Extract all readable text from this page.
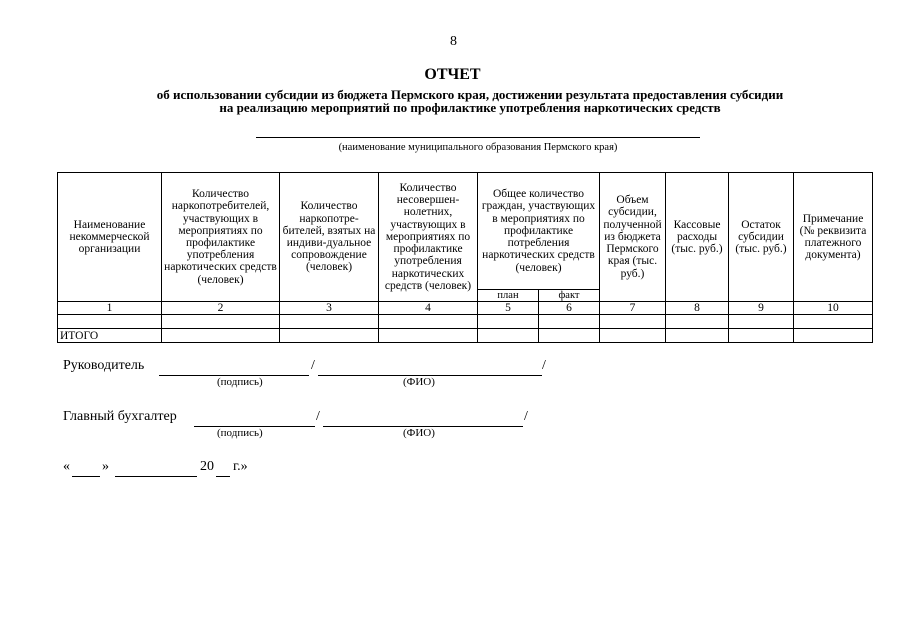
8
ОТЧЕТ
об использовании субсидии из бюджета Пермского края, достижении результата предоставления субсидии
на реализацию мероприятий по профилактике употребления наркотических средств
(наименование муниципального образования Пермского края)
Наименование некоммерческой организации	Количество наркопотребителей, участвующих в мероприятиях по профилактике употребления наркотических средств (человек)	Количество наркопотре-бителей, взятых на индиви-дуальное сопровождение (человек)	Количество несовершен-нолетних, участвующих в мероприятиях по профилактике употребления наркотических средств (человек)	Общее количество граждан, участвующих в мероприятиях по профилактике потребления наркотических средств (человек)		Объем субсидии, полученной из бюджета Пермского края (тыс. руб.)	Кассовые расходы (тыс. руб.)	Остаток субсидии (тыс. руб.)	Примечание (№ реквизита платежного документа)
				план	факт				
1	2	3	4	5	6	7	8	9	10

ИТОГО									
Руководитель	/	/
(подпись)	(ФИО)
Главный бухгалтер	/	/
(подпись)	(ФИО)
« »	20 г.»
